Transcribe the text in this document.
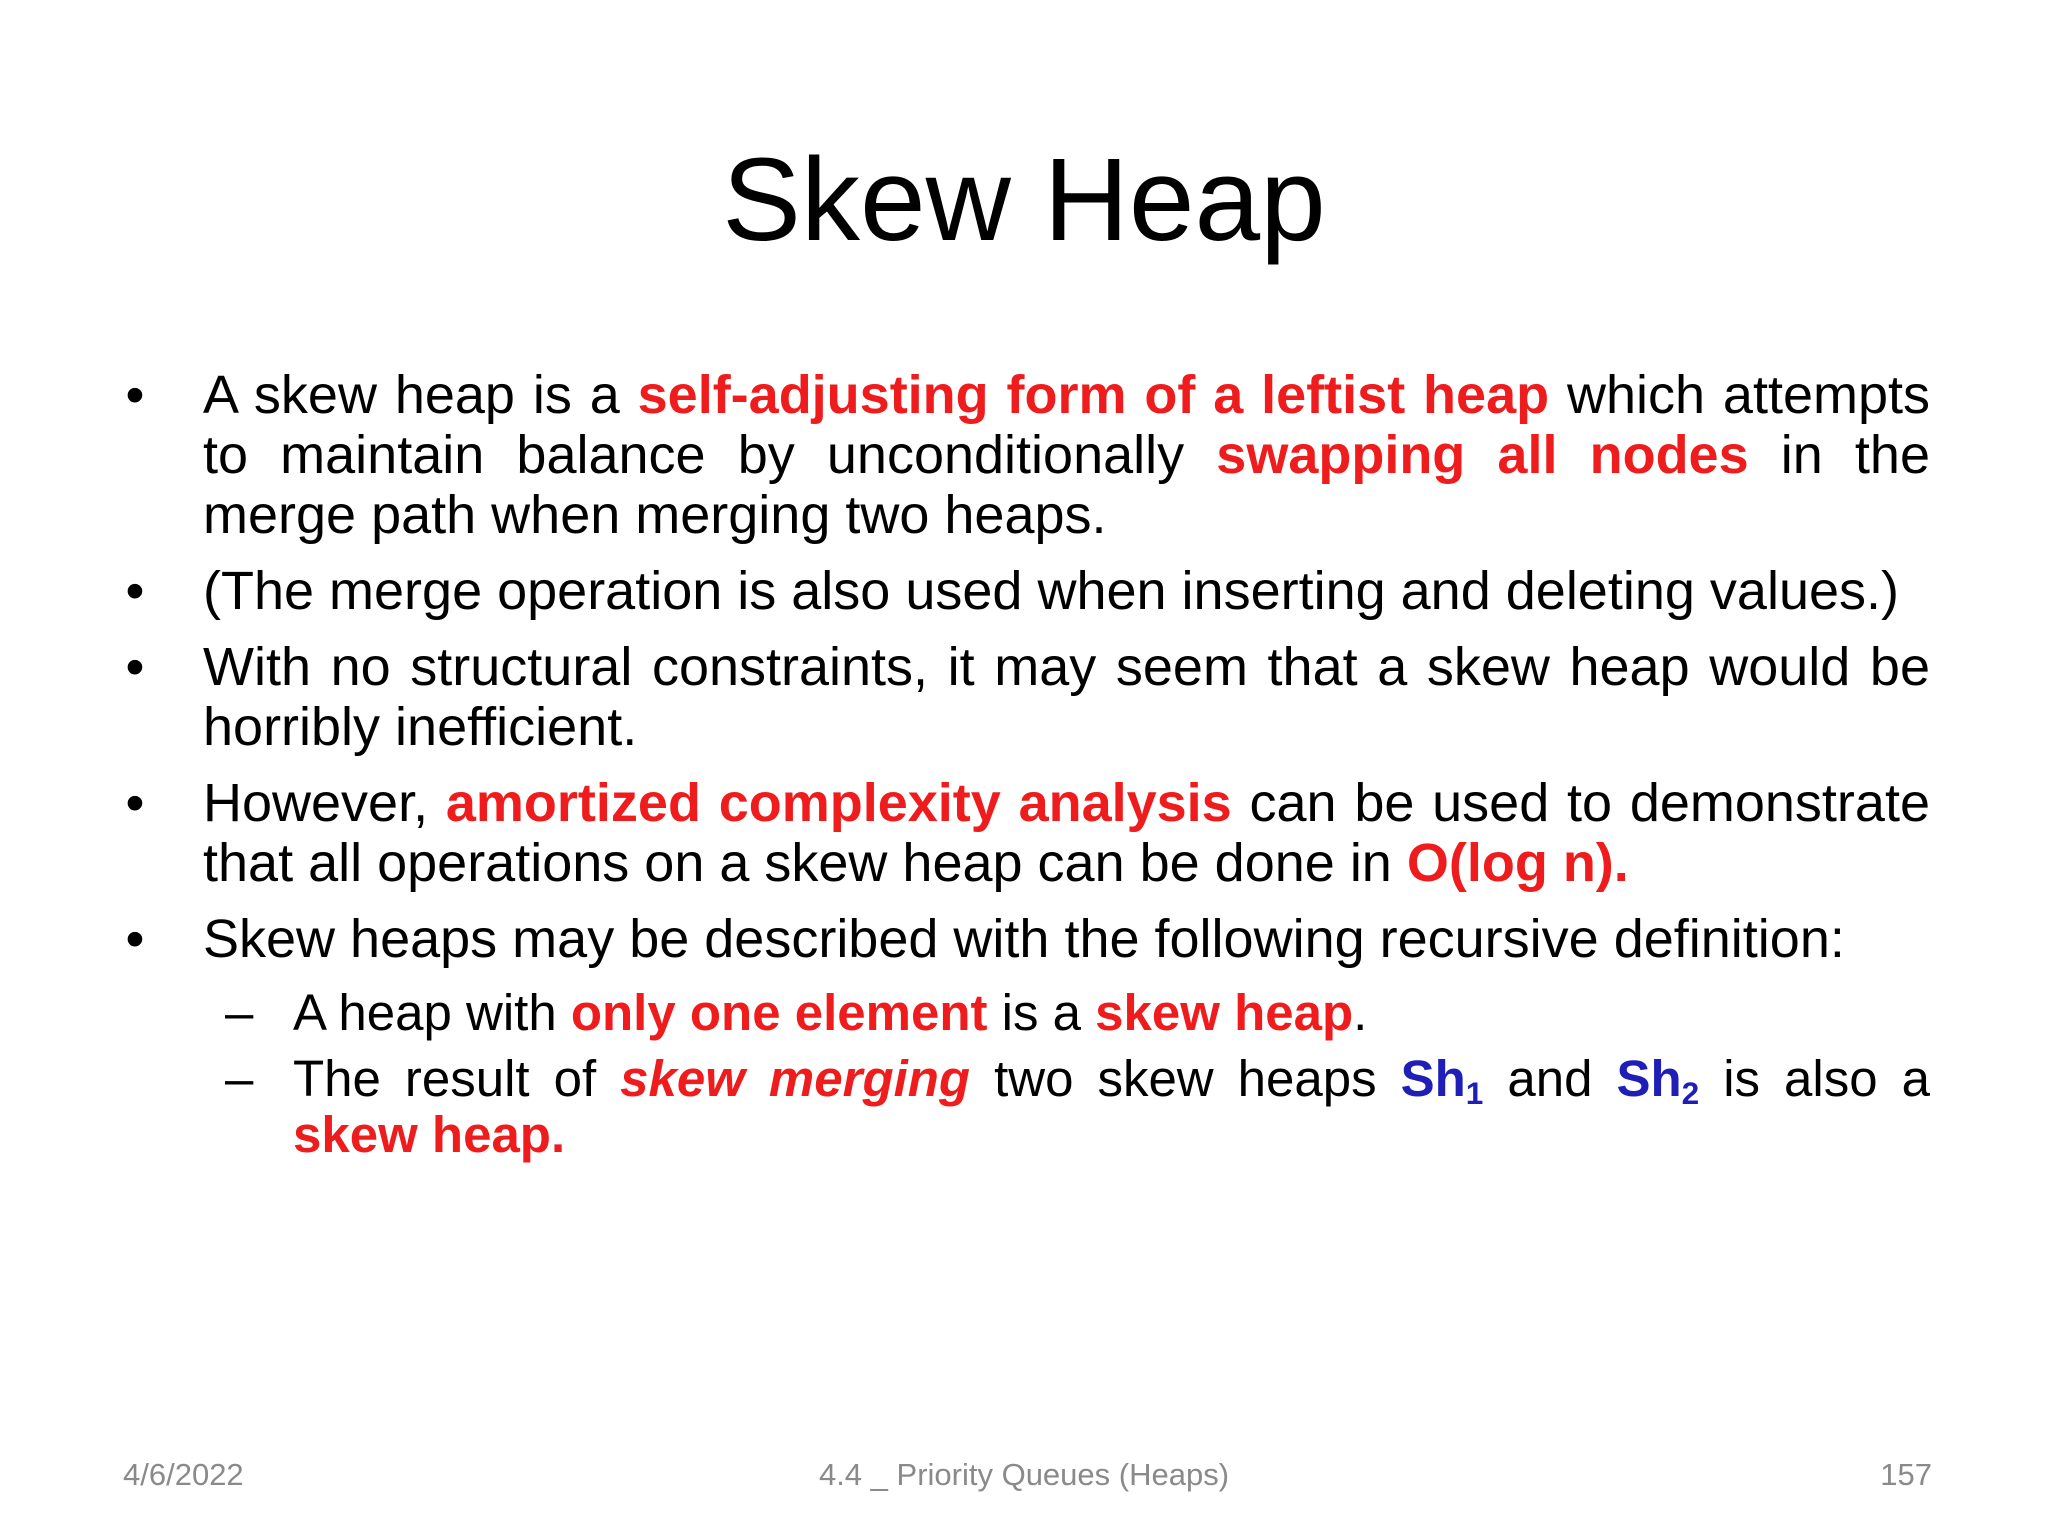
Skew Heap
• A skew heap is a self-adjusting form of a leftist heap which attempts to maintain balance by unconditionally swapping all nodes in the merge path when merging two heaps.
• (The merge operation is also used when inserting and deleting values.)
• With no structural constraints, it may seem that a skew heap would be horribly inefficient.
• However, amortized complexity analysis can be used to demonstrate that all operations on a skew heap can be done in O(log n).
• Skew heaps may be described with the following recursive definition:
– A heap with only one element is a skew heap.
– The result of skew merging two skew heaps $Sh_1$ and $Sh_2$ is also a skew heap.
4/6/2022	4.4 _ Priority Queues (Heaps)	157
